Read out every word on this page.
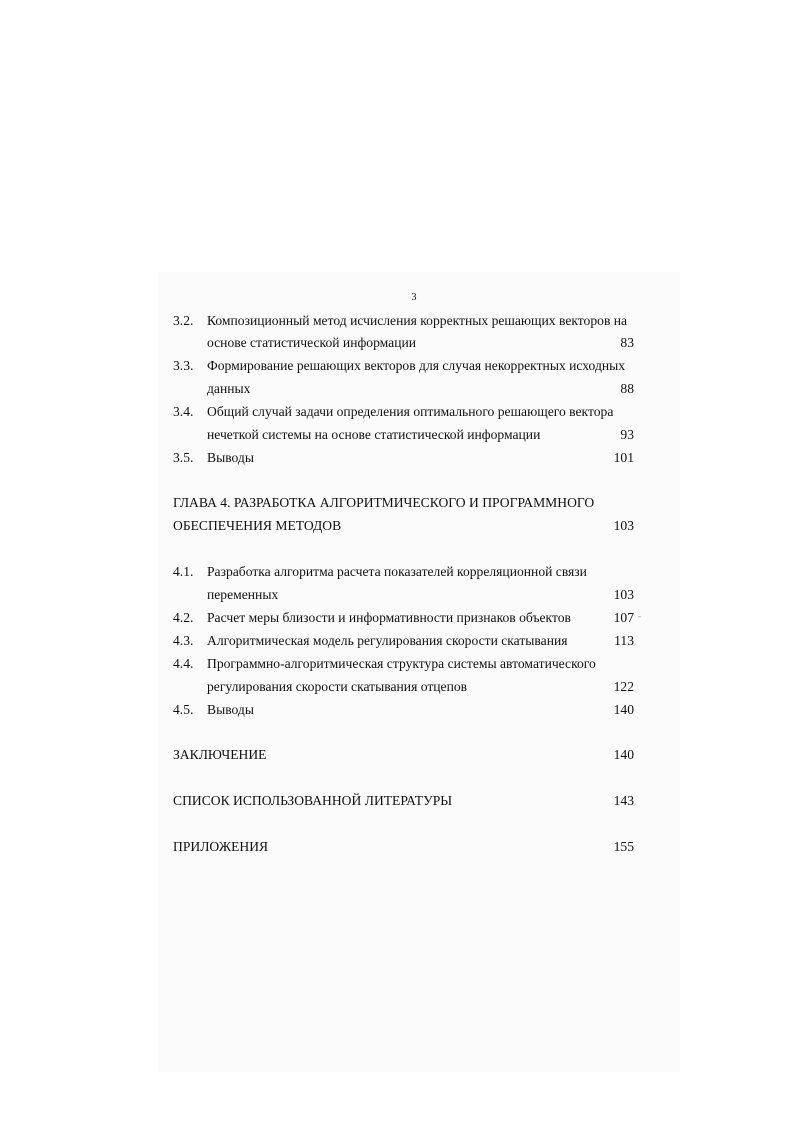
3
3.2. Композиционный метод исчисления корректных решающих векторов на
основе статистической информации	83
3.3. Формирование решающих векторов для случая некорректных исходных
данных	88
3.4. Общий случай задачи определения оптимального решающего вектора
нечеткой системы на основе статистической информации	93
3.5. Выводы	101
ГЛАВА 4. РАЗРАБОТКА АЛГОРИТМИЧЕСКОГО И ПРОГРАММНОГО
ОБЕСПЕЧЕНИЯ МЕТОДОВ	103
4.1. Разработка алгоритма расчета показателей корреляционной связи
переменных	103
4.2. Расчет меры близости и информативности признаков объектов	107 -
4.3. Алгоритмическая модель регулирования скорости скатывания	113
4.4. Программно-алгоритмическая структура системы автоматического
регулирования скорости скатывания отцепов	122
4.5. Выводы	140
ЗАКЛЮЧЕНИЕ	140
СПИСОК ИСПОЛЬЗОВАННОЙ ЛИТЕРАТУРЫ	143
ПРИЛОЖЕНИЯ	155
